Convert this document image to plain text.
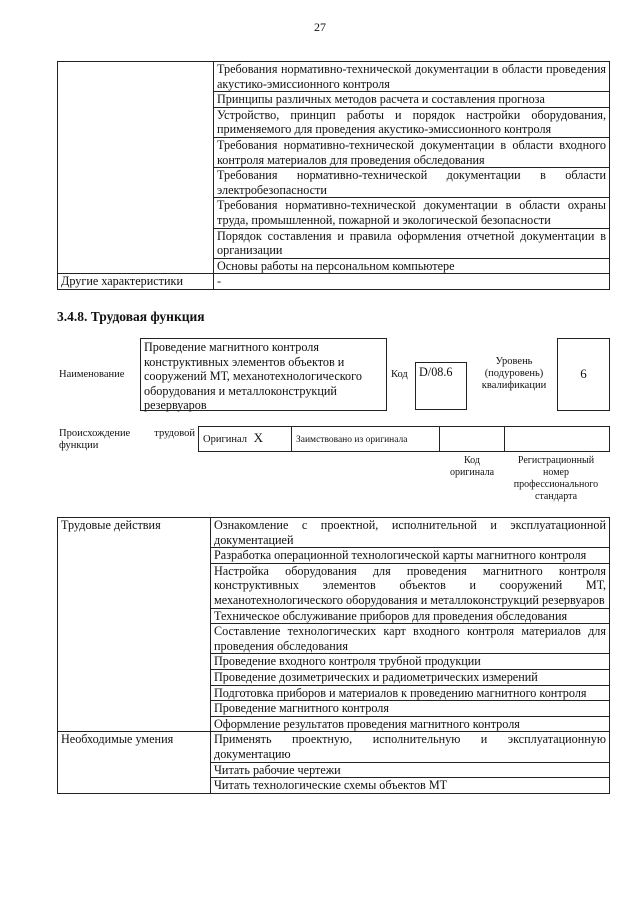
27
	Требования нормативно-технической документации в области проведения акустико-эмиссионного контроля
	Принципы различных методов расчета и составления прогноза
	Устройство, принцип работы и порядок настройки оборудования, применяемого для проведения акустико-эмиссионного контроля
	Требования нормативно-технической документации в области входного контроля материалов для проведения обследования
	Требования нормативно-технической документации в области электробезопасности
	Требования нормативно-технической документации в области охраны труда, промышленной, пожарной и экологической безопасности
	Порядок составления и правила оформления отчетной документации в организации
	Основы работы на персональном компьютере
Другие характеристики	-
3.4.8. Трудовая функция
Наименование
Проведение магнитного контроля конструктивных элементов объектов и сооружений МТ, механотехнологического оборудования и металлоконструкций резервуаров
Код D/08.6
Уровень (подуровень) квалификации
6
Происхождение трудовой функции
Оригинал X	Заимствовано из оригинала
Код оригинала
Регистрационный номер профессионального стандарта
Трудовые действия	Ознакомление с проектной, исполнительной и эксплуатационной документацией
	Разработка операционной технологической карты магнитного контроля
	Настройка оборудования для проведения магнитного контроля конструктивных элементов объектов и сооружений МТ, механотехнологического оборудования и металлоконструкций резервуаров
	Техническое обслуживание приборов для проведения обследования
	Составление технологических карт входного контроля материалов для проведения обследования
	Проведение входного контроля трубной продукции
	Проведение дозиметрических и радиометрических измерений
	Подготовка приборов и материалов к проведению магнитного контроля
	Проведение магнитного контроля
	Оформление результатов проведения магнитного контроля
Необходимые умения	Применять проектную, исполнительную и эксплуатационную документацию
	Читать рабочие чертежи
	Читать технологические схемы объектов МТ
